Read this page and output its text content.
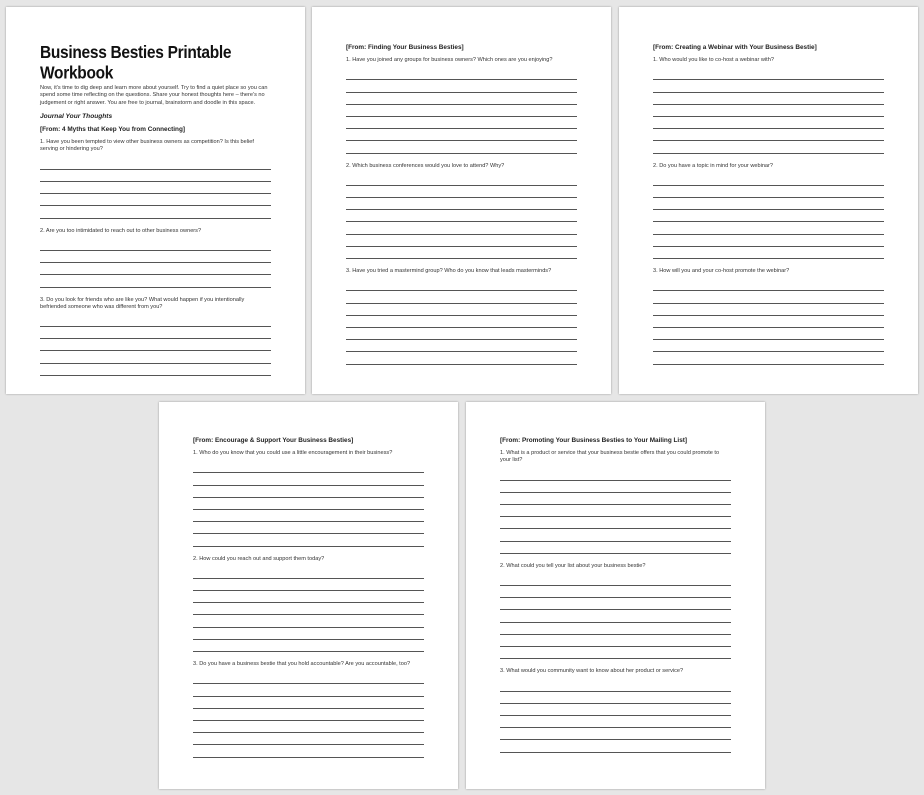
Business Besties Printable Workbook
Now, it's time to dig deep and learn more about yourself. Try to find a quiet place so you can spend some time reflecting on the questions. Share your honest thoughts here – there's no judgement or right answer. You are free to journal, brainstorm and doodle in this space.
Journal Your Thoughts
[From: 4 Myths that Keep You from Connecting]
1. Have you been tempted to view other business owners as competition? Is this belief serving or hindering you?
2. Are you too intimidated to reach out to other business owners?
3. Do you look for friends who are like you? What would happen if you intentionally befriended someone who was different from you?
[From: Finding Your Business Besties]
1. Have you joined any groups for business owners? Which ones are you enjoying?
2. Which business conferences would you love to attend? Why?
3. Have you tried a mastermind group? Who do you know that leads masterminds?
[From: Creating a Webinar with Your Business Bestie]
1. Who would you like to co-host a webinar with?
2. Do you have a topic in mind for your webinar?
3. How will you and your co-host promote the webinar?
[From: Encourage & Support Your Business Besties]
1. Who do you know that you could use a little encouragement in their business?
2. How could you reach out and support them today?
3. Do you have a business bestie that you hold accountable? Are you accountable, too?
[From: Promoting Your Business Besties to Your Mailing List]
1. What is a product or service that your business bestie offers that you could promote to your list?
2. What could you tell your list about your business bestie?
3. What would you community want to know about her product or service?
